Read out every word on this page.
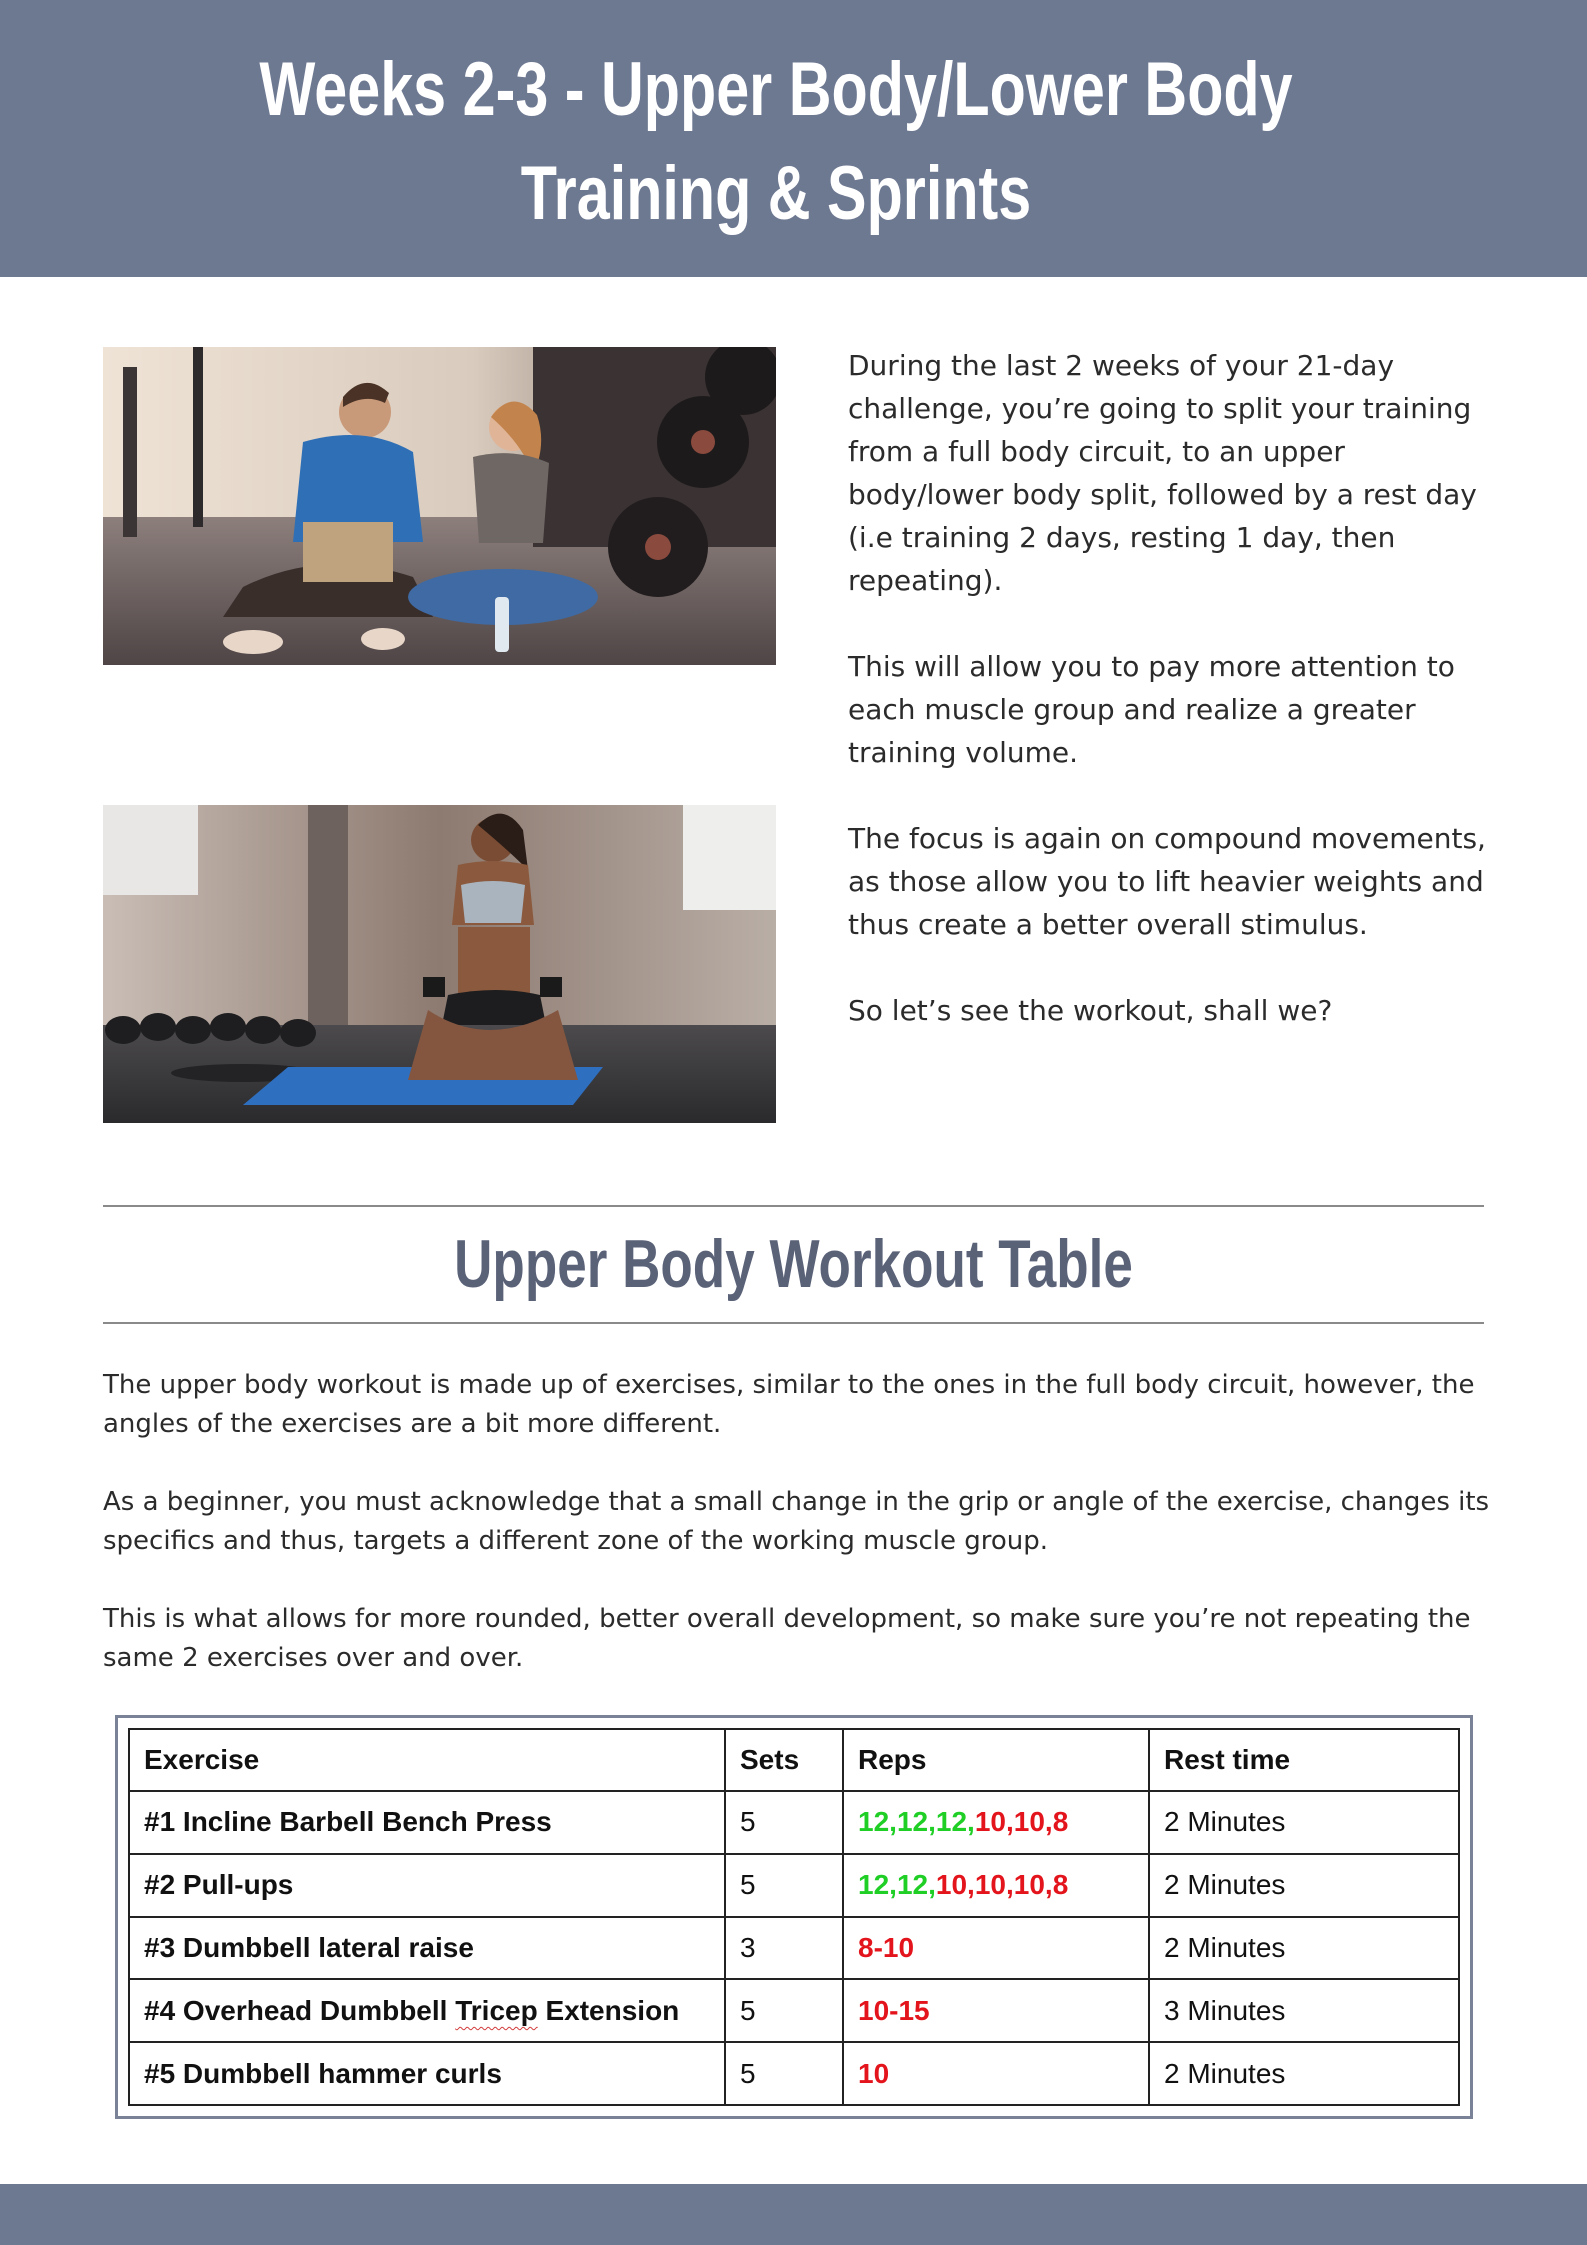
Weeks 2-3 - Upper Body/Lower Body
Training & Sprints

During the last 2 weeks of your 21-day challenge, you’re going to split your training from a full body circuit, to an upper body/lower body split, followed by a rest day (i.e training 2 days, resting 1 day, then repeating).

This will allow you to pay more attention to each muscle group and realize a greater training volume.

The focus is again on compound movements, as those allow you to lift heavier weights and thus create a better overall stimulus.

So let’s see the workout, shall we?

Upper Body Workout Table

The upper body workout is made up of exercises, similar to the ones in the full body circuit, however, the angles of the exercises are a bit more different.

As a beginner, you must acknowledge that a small change in the grip or angle of the exercise, changes its specifics and thus, targets a different zone of the working muscle group.

This is what allows for more rounded, better overall development, so make sure you’re not repeating the same 2 exercises over and over.

Exercise	Sets	Reps	Rest time
#1 Incline Barbell Bench Press	5	12,12,12,10,10,8	2 Minutes
#2 Pull-ups	5	12,12,10,10,10,8	2 Minutes
#3 Dumbbell lateral raise	3	8-10	2 Minutes
#4 Overhead Dumbbell Tricep Extension	5	10-15	3 Minutes
#5 Dumbbell hammer curls	5	10	2 Minutes
